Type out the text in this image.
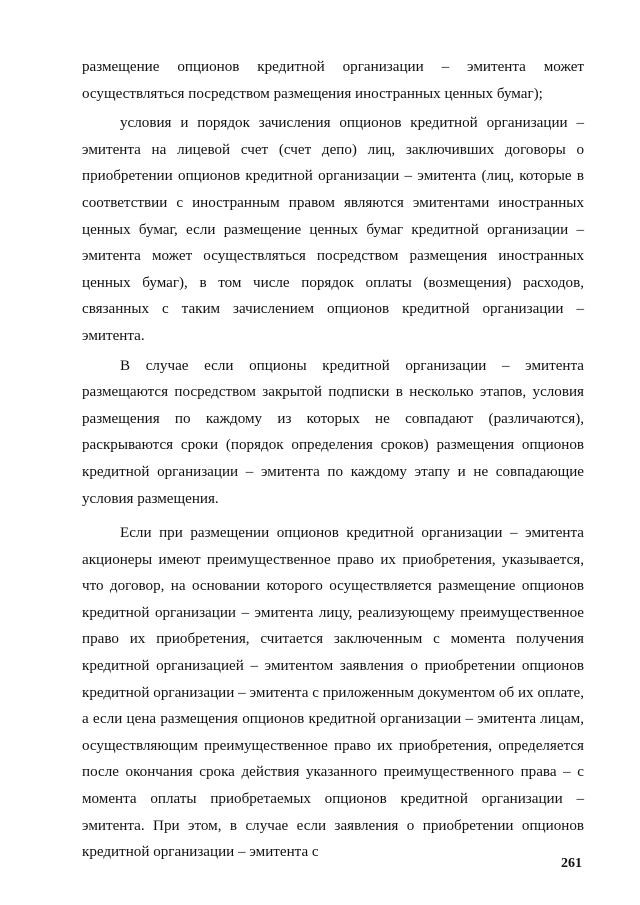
размещение опционов кредитной организации – эмитента может осуществляться посредством размещения иностранных ценных бумаг);

условия и порядок зачисления опционов кредитной организации – эмитента на лицевой счет (счет депо) лиц, заключивших договоры о приобретении опционов кредитной организации – эмитента (лиц, которые в соответствии с иностранным правом являются эмитентами иностранных ценных бумаг, если размещение ценных бумаг кредитной организации – эмитента может осуществляться посредством размещения иностранных ценных бумаг), в том числе порядок оплаты (возмещения) расходов, связанных с таким зачислением опционов кредитной организации – эмитента.

В случае если опционы кредитной организации – эмитента размещаются посредством закрытой подписки в несколько этапов, условия размещения по каждому из которых не совпадают (различаются), раскрываются сроки (порядок определения сроков) размещения опционов кредитной организации – эмитента по каждому этапу и не совпадающие условия размещения.

Если при размещении опционов кредитной организации – эмитента акционеры имеют преимущественное право их приобретения, указывается, что договор, на основании которого осуществляется размещение опционов кредитной организации – эмитента лицу, реализующему преимущественное право их приобретения, считается заключенным с момента получения кредитной организацией – эмитентом заявления о приобретении опционов кредитной организации – эмитента с приложенным документом об их оплате, а если цена размещения опционов кредитной организации – эмитента лицам, осуществляющим преимущественное право их приобретения, определяется после окончания срока действия указанного преимущественного права – с момента оплаты приобретаемых опционов кредитной организации – эмитента. При этом, в случае если заявления о приобретении опционов кредитной организации – эмитента с

261
